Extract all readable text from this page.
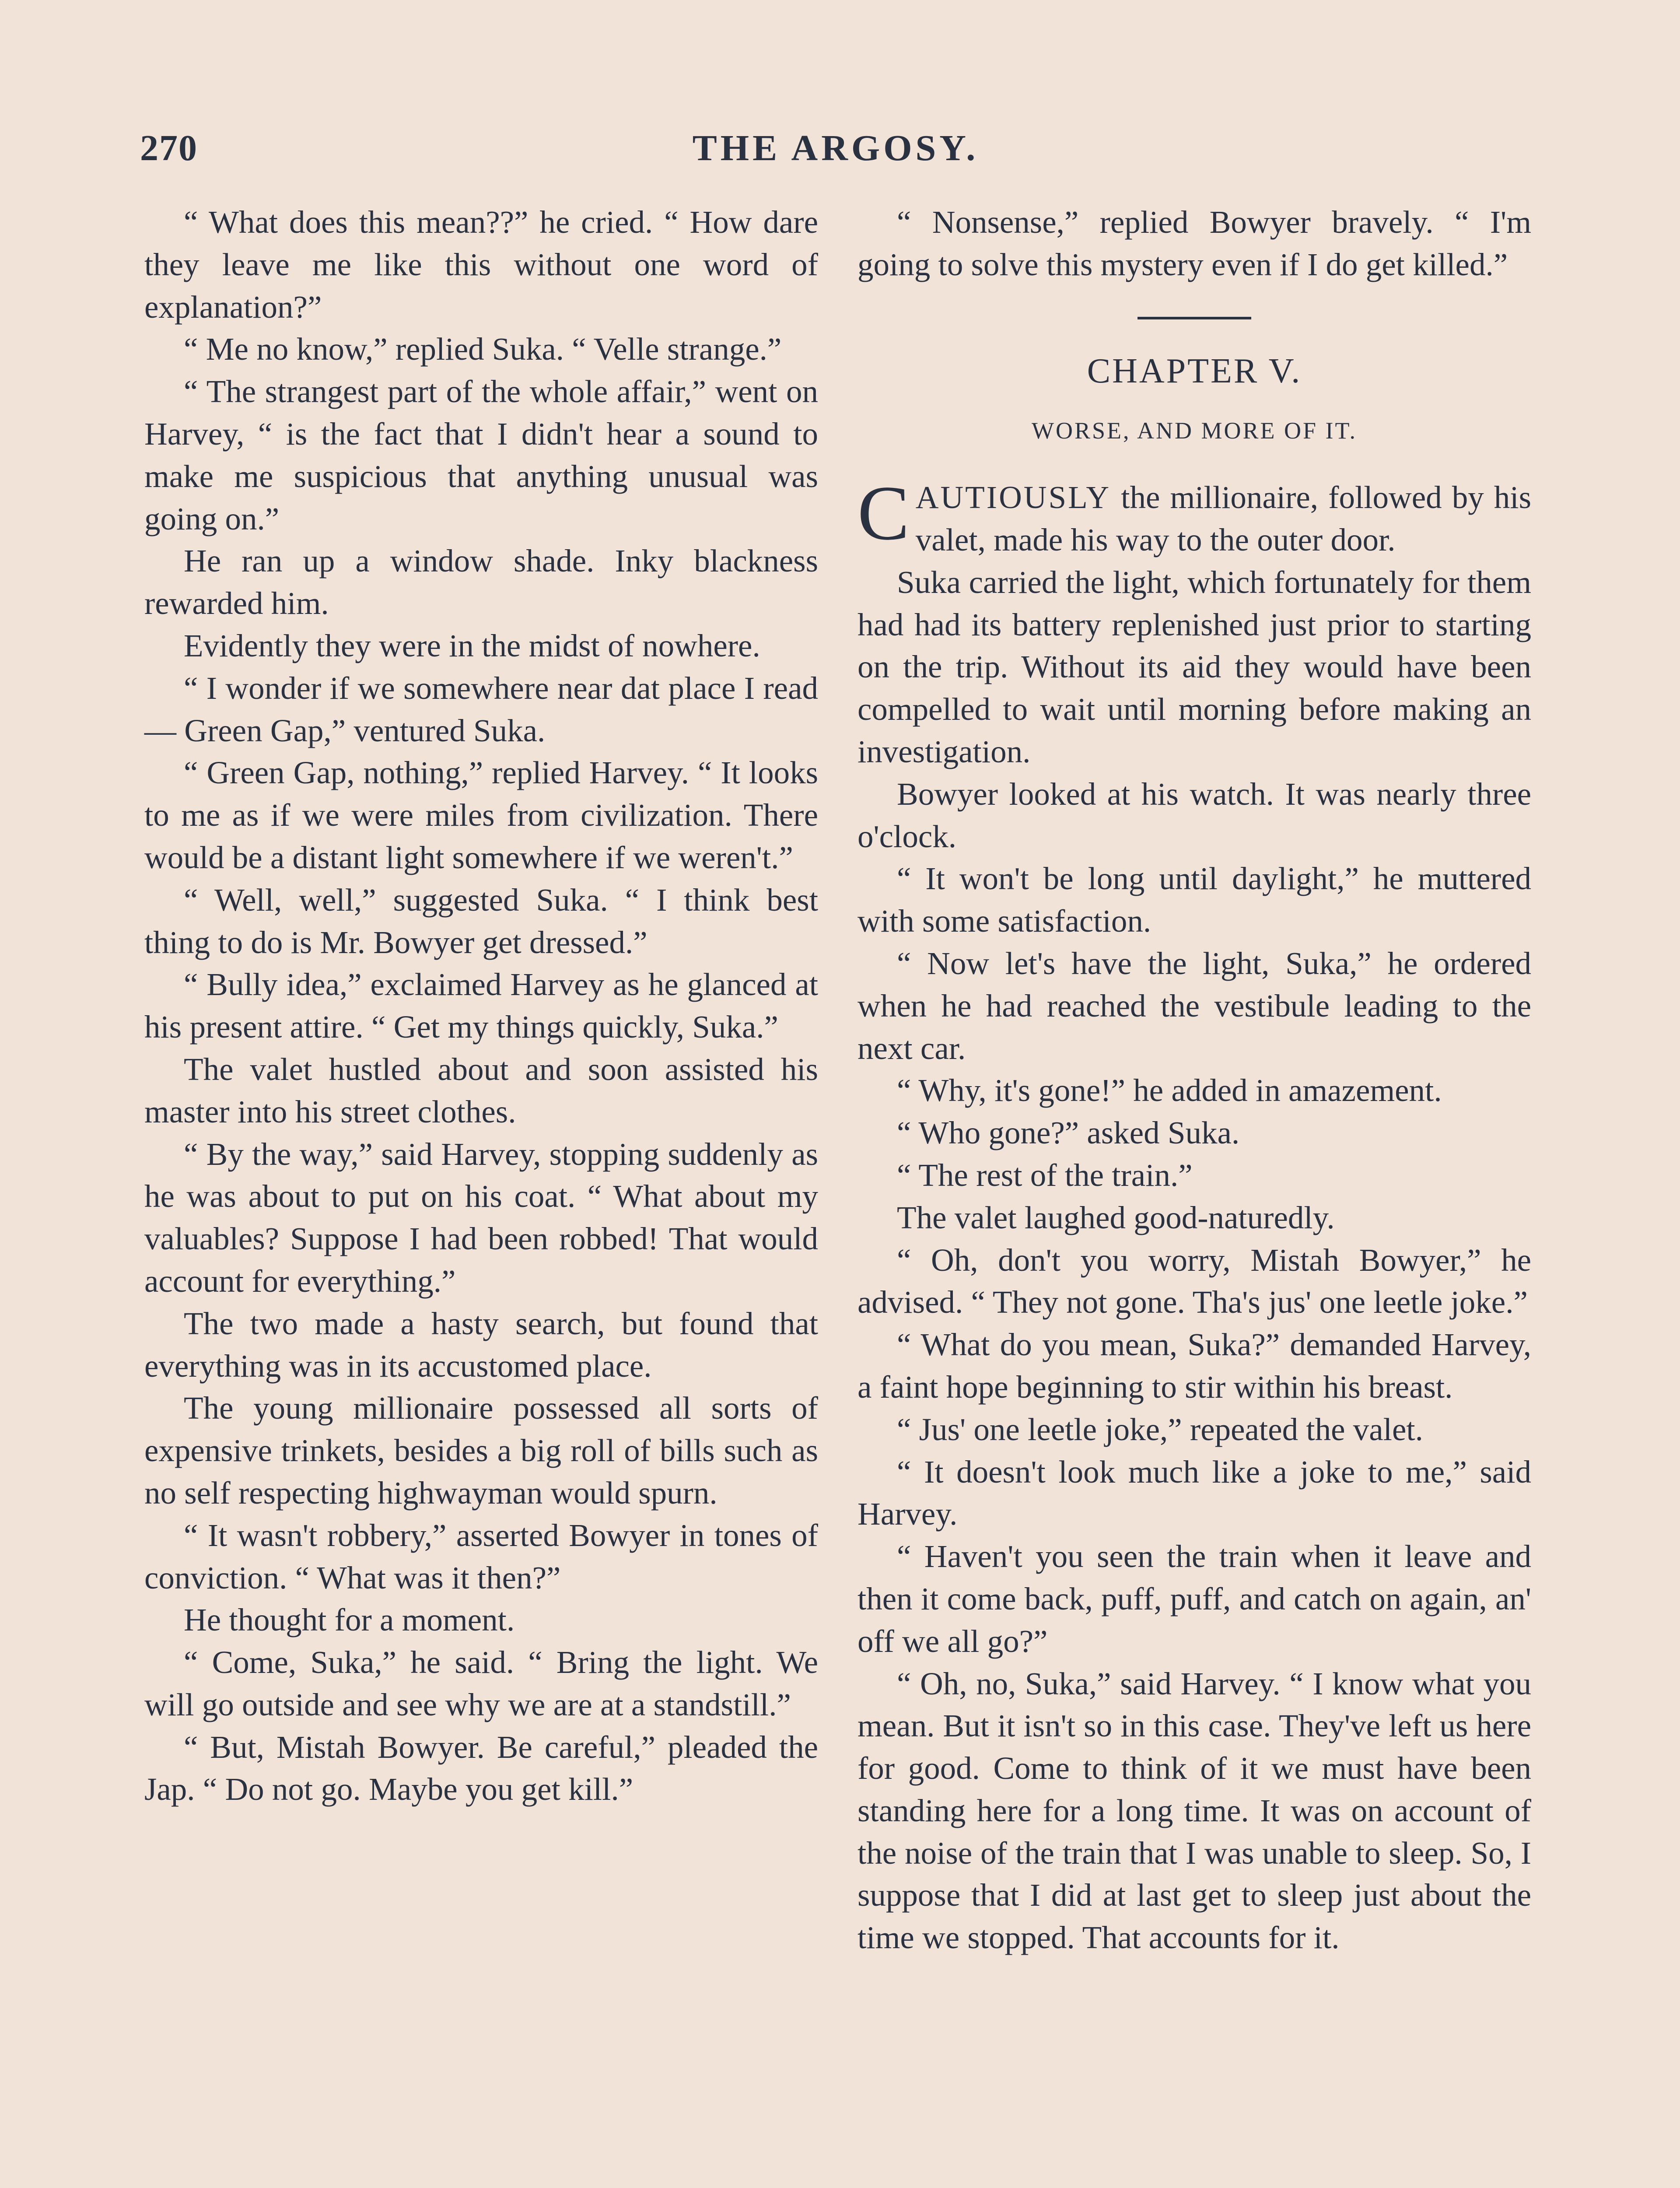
270	THE ARGOSY.

“ What does this mean??” he cried. “ How dare they leave me like this without one word of explanation?”

“ Me no know,” replied Suka. “ Velle strange.”

“ The strangest part of the whole affair,” went on Harvey, “ is the fact that I didn't hear a sound to make me suspicious that anything unusual was going on.”

He ran up a window shade. Inky blackness rewarded him.

Evidently they were in the midst of nowhere.

“ I wonder if we somewhere near dat place I read — Green Gap,” ventured Suka.

“ Green Gap, nothing,” replied Harvey. “ It looks to me as if we were miles from civilization. There would be a distant light somewhere if we weren't.”

“ Well, well,” suggested Suka. “ I think best thing to do is Mr. Bowyer get dressed.”

“ Bully idea,” exclaimed Harvey as he glanced at his present attire. “ Get my things quickly, Suka.”

The valet hustled about and soon assisted his master into his street clothes.

“ By the way,” said Harvey, stopping suddenly as he was about to put on his coat. “ What about my valuables? Suppose I had been robbed! That would account for everything.”

The two made a hasty search, but found that everything was in its accustomed place.

The young millionaire possessed all sorts of expensive trinkets, besides a big roll of bills such as no self respecting highwayman would spurn.

“ It wasn't robbery,” asserted Bowyer in tones of conviction. “ What was it then?”

He thought for a moment.

“ Come, Suka,” he said. “ Bring the light. We will go outside and see why we are at a standstill.”

“ But, Mistah Bowyer. Be careful,” pleaded the Jap. “ Do not go. Maybe you get kill.”

“ Nonsense,” replied Bowyer bravely. “ I'm going to solve this mystery even if I do get killed.”

CHAPTER V.
WORSE, AND MORE OF IT.

CAUTIOUSLY the millionaire, followed by his valet, made his way to the outer door.

Suka carried the light, which fortunately for them had had its battery replenished just prior to starting on the trip. Without its aid they would have been compelled to wait until morning before making an investigation.

Bowyer looked at his watch. It was nearly three o'clock.

“ It won't be long until daylight,” he muttered with some satisfaction.

“ Now let's have the light, Suka,” he ordered when he had reached the vestibule leading to the next car.

“ Why, it's gone!” he added in amazement.

“ Who gone?” asked Suka.

“ The rest of the train.”

The valet laughed good-naturedly.

“ Oh, don't you worry, Mistah Bowyer,” he advised. “ They not gone. Tha's jus' one leetle joke.”

“ What do you mean, Suka?” demanded Harvey, a faint hope beginning to stir within his breast.

“ Jus' one leetle joke,” repeated the valet.

“ It doesn't look much like a joke to me,” said Harvey.

“ Haven't you seen the train when it leave and then it come back, puff, puff, and catch on again, an' off we all go?”

“ Oh, no, Suka,” said Harvey. “ I know what you mean. But it isn't so in this case. They've left us here for good. Come to think of it we must have been standing here for a long time. It was on account of the noise of the train that I was unable to sleep. So, I suppose that I did at last get to sleep just about the time we stopped. That accounts for it.
